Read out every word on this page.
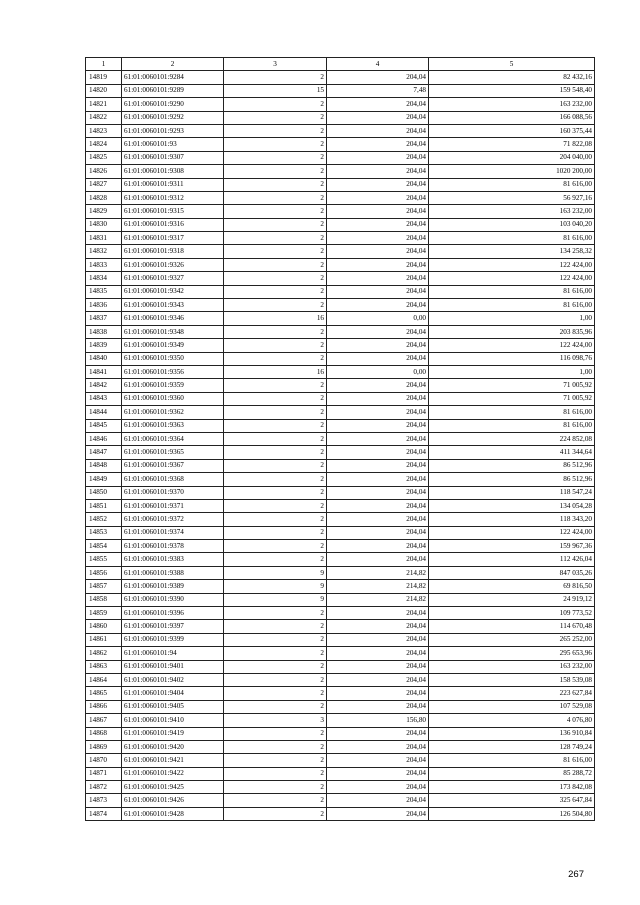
1	2	3	4	5
14819	61:01:0060101:9284	2	204,04	82 432,16
14820	61:01:0060101:9289	15	7,48	159 548,40
14821	61:01:0060101:9290	2	204,04	163 232,00
14822	61:01:0060101:9292	2	204,04	166 088,56
14823	61:01:0060101:9293	2	204,04	160 375,44
14824	61:01:0060101:93	2	204,04	71 822,08
14825	61:01:0060101:9307	2	204,04	204 040,00
14826	61:01:0060101:9308	2	204,04	1020 200,00
14827	61:01:0060101:9311	2	204,04	81 616,00
14828	61:01:0060101:9312	2	204,04	56 927,16
14829	61:01:0060101:9315	2	204,04	163 232,00
14830	61:01:0060101:9316	2	204,04	103 040,20
14831	61:01:0060101:9317	2	204,04	81 616,00
14832	61:01:0060101:9318	2	204,04	134 258,32
14833	61:01:0060101:9326	2	204,04	122 424,00
14834	61:01:0060101:9327	2	204,04	122 424,00
14835	61:01:0060101:9342	2	204,04	81 616,00
14836	61:01:0060101:9343	2	204,04	81 616,00
14837	61:01:0060101:9346	16	0,00	1,00
14838	61:01:0060101:9348	2	204,04	203 835,96
14839	61:01:0060101:9349	2	204,04	122 424,00
14840	61:01:0060101:9350	2	204,04	116 098,76
14841	61:01:0060101:9356	16	0,00	1,00
14842	61:01:0060101:9359	2	204,04	71 005,92
14843	61:01:0060101:9360	2	204,04	71 005,92
14844	61:01:0060101:9362	2	204,04	81 616,00
14845	61:01:0060101:9363	2	204,04	81 616,00
14846	61:01:0060101:9364	2	204,04	224 852,08
14847	61:01:0060101:9365	2	204,04	411 344,64
14848	61:01:0060101:9367	2	204,04	86 512,96
14849	61:01:0060101:9368	2	204,04	86 512,96
14850	61:01:0060101:9370	2	204,04	118 547,24
14851	61:01:0060101:9371	2	204,04	134 054,28
14852	61:01:0060101:9372	2	204,04	118 343,20
14853	61:01:0060101:9374	2	204,04	122 424,00
14854	61:01:0060101:9378	2	204,04	159 967,36
14855	61:01:0060101:9383	2	204,04	112 426,04
14856	61:01:0060101:9388	9	214,82	847 035,26
14857	61:01:0060101:9389	9	214,82	69 816,50
14858	61:01:0060101:9390	9	214,82	24 919,12
14859	61:01:0060101:9396	2	204,04	109 773,52
14860	61:01:0060101:9397	2	204,04	114 670,48
14861	61:01:0060101:9399	2	204,04	265 252,00
14862	61:01:0060101:94	2	204,04	295 653,96
14863	61:01:0060101:9401	2	204,04	163 232,00
14864	61:01:0060101:9402	2	204,04	158 539,08
14865	61:01:0060101:9404	2	204,04	223 627,84
14866	61:01:0060101:9405	2	204,04	107 529,08
14867	61:01:0060101:9410	3	156,80	4 076,80
14868	61:01:0060101:9419	2	204,04	136 910,84
14869	61:01:0060101:9420	2	204,04	128 749,24
14870	61:01:0060101:9421	2	204,04	81 616,00
14871	61:01:0060101:9422	2	204,04	85 288,72
14872	61:01:0060101:9425	2	204,04	173 842,08
14873	61:01:0060101:9426	2	204,04	325 647,84
14874	61:01:0060101:9428	2	204,04	126 504,80
267
